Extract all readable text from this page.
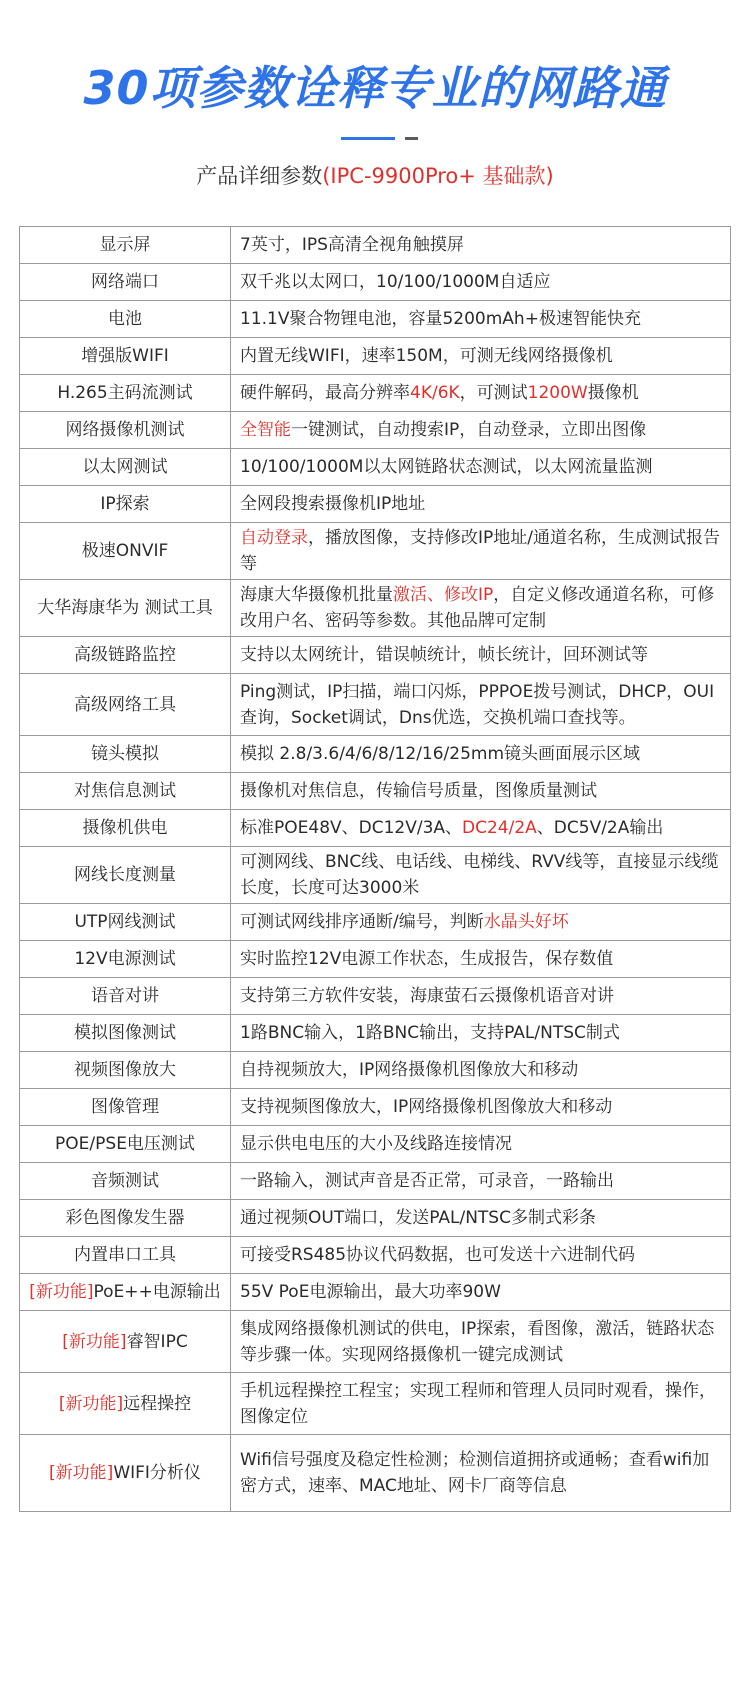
30项参数诠释专业的网路通
产品详细参数(IPC-9900Pro+ 基础款)
显示屏	7英寸，IPS高清全视角触摸屏
网络端口	双千兆以太网口，10/100/1000M自适应
电池	11.1V聚合物锂电池，容量5200mAh+极速智能快充
增强版WIFI	内置无线WIFI，速率150M，可测无线网络摄像机
H.265主码流测试	硬件解码，最高分辨率4K/6K，可测试1200W摄像机
网络摄像机测试	全智能一键测试，自动搜索IP，自动登录，立即出图像
以太网测试	10/100/1000M以太网链路状态测试，以太网流量监测
IP探索	全网段搜索摄像机IP地址
极速ONVIF	自动登录，播放图像，支持修改IP地址/通道名称，生成测试报告等
大华海康华为 测试工具	海康大华摄像机批量激活、修改IP，自定义修改通道名称，可修改用户名、密码等参数。其他品牌可定制
高级链路监控	支持以太网统计，错误帧统计，帧长统计，回环测试等
高级网络工具	Ping测试，IP扫描，端口闪烁，PPPOE拨号测试，DHCP，OUI查询，Socket调试，Dns优选，交换机端口查找等。
镜头模拟	模拟 2.8/3.6/4/6/8/12/16/25mm镜头画面展示区域
对焦信息测试	摄像机对焦信息，传输信号质量，图像质量测试
摄像机供电	标准POE48V、DC12V/3A、DC24/2A、DC5V/2A输出
网线长度测量	可测网线、BNC线、电话线、电梯线、RVV线等，直接显示线缆长度，长度可达3000米
UTP网线测试	可测试网线排序通断/编号，判断水晶头好坏
12V电源测试	实时监控12V电源工作状态，生成报告，保存数值
语音对讲	支持第三方软件安装，海康萤石云摄像机语音对讲
模拟图像测试	1路BNC输入，1路BNC输出，支持PAL/NTSC制式
视频图像放大	自持视频放大，IP网络摄像机图像放大和移动
图像管理	支持视频图像放大，IP网络摄像机图像放大和移动
POE/PSE电压测试	显示供电电压的大小及线路连接情况
音频测试	一路输入，测试声音是否正常，可录音，一路输出
彩色图像发生器	通过视频OUT端口，发送PAL/NTSC多制式彩条
内置串口工具	可接受RS485协议代码数据，也可发送十六进制代码
[新功能]PoE++电源输出	55V PoE电源输出，最大功率90W
[新功能]睿智IPC	集成网络摄像机测试的供电，IP探索，看图像，激活，链路状态等步骤一体。实现网络摄像机一键完成测试
[新功能]远程操控	手机远程操控工程宝；实现工程师和管理人员同时观看，操作，图像定位
[新功能]WIFI分析仪	Wifi信号强度及稳定性检测；检测信道拥挤或通畅；查看wifi加密方式，速率、MAC地址、网卡厂商等信息
